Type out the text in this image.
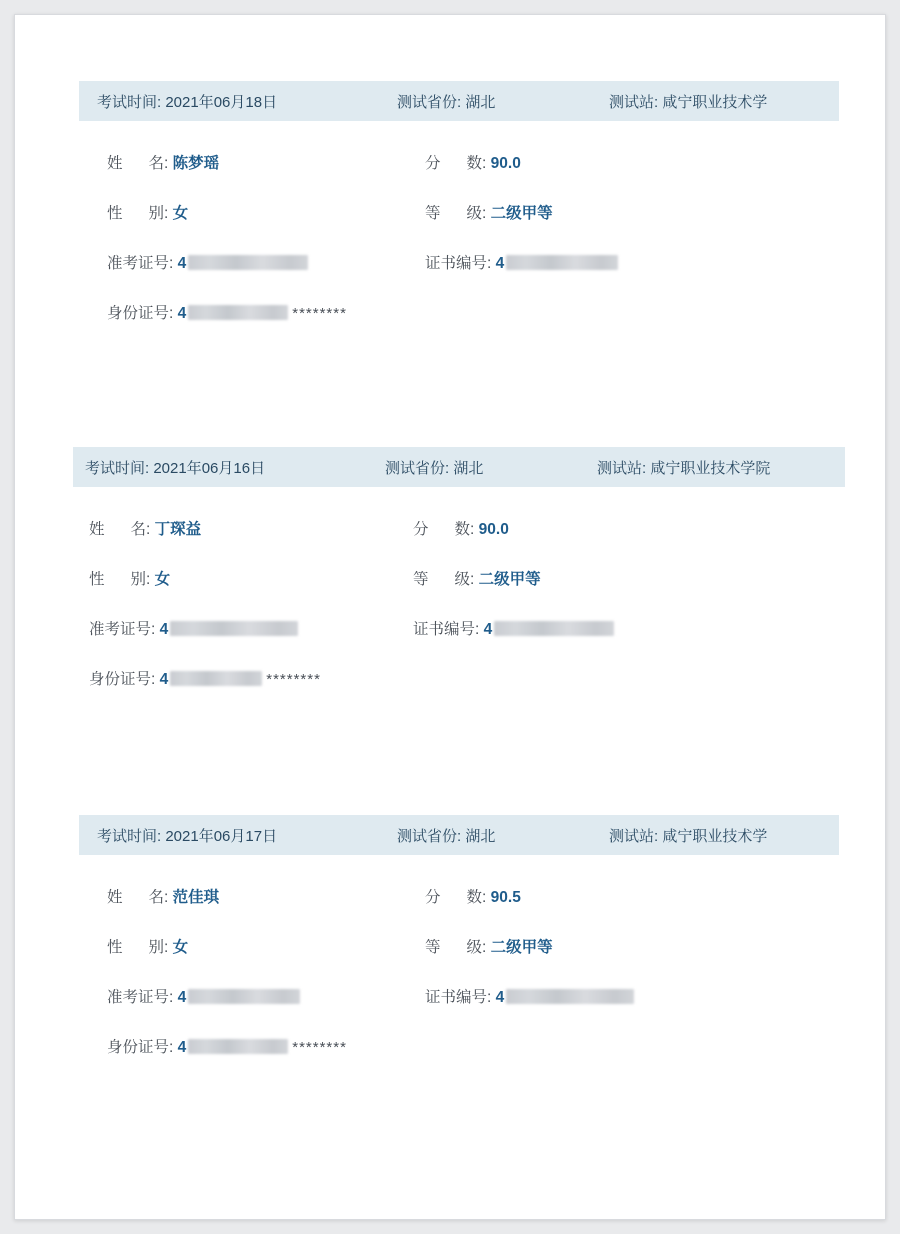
考试时间: 2021年06月18日	测试省份: 湖北	测试站: 咸宁职业技术学
姓 名: 陈梦瑶	分 数: 90.0
性 别: 女	等 级: 二级甲等
准考证号: 4	证书编号: 4
身份证号: 4	********
考试时间: 2021年06月16日	测试省份: 湖北	测试站: 咸宁职业技术学院
姓 名: 丁琛益	分 数: 90.0
性 别: 女	等 级: 二级甲等
准考证号: 4	证书编号: 4
身份证号: 4	********
考试时间: 2021年06月17日	测试省份: 湖北	测试站: 咸宁职业技术学
姓 名: 范佳琪	分 数: 90.5
性 别: 女	等 级: 二级甲等
准考证号: 4	证书编号: 4
身份证号: 4	********
